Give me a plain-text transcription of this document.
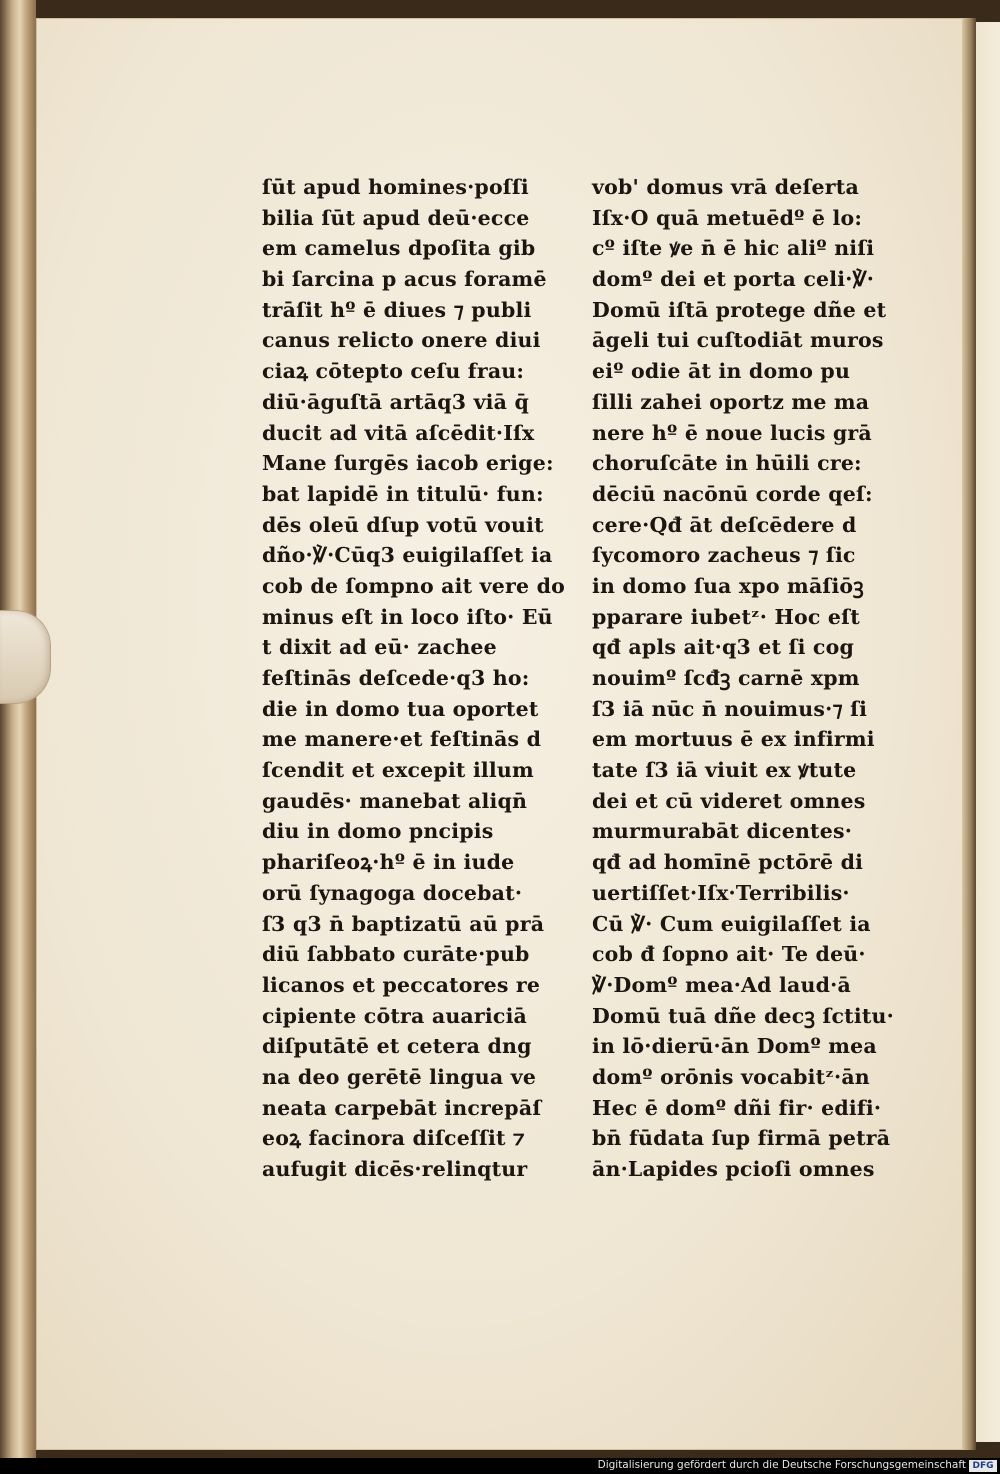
ſūt apud homines·poſſi
bilia ſūt apud deū·ecce
em camelus dpoſita gib
bi ſarcina p acus foramē
trāſit hº ē diues ⁊ publi
canus relicto onere diui
ciaꝝ cōtepto ceſu frau:
diū·āguſtā artāq3 viā q̄
ducit ad vitā aſcēdit·Iſx
Mane ſurgēs iacob erige:
bat lapidē in titulū· fun:
dēs oleū dſup votū vouit
dño·℣·Cūq3 euigilaſſet ia
cob de ſompno ait vere do
minus eſt in loco iſto· Eū
t dixit ad eū· zachee
feſtinās deſcede·q3 ho:
die in domo tua oportet
me manere·et feſtinās d
ſcendit et excepit illum
gaudēs· manebat aliqn̄
diu in domo pncipis
phariſeoꝝ·hº ē in iude
orū ſynagoga docebat·
ſ3 q3 n̄ baptizatū aū prā
diū ſabbato curāte·pub
licanos et peccatores re
cipiente cōtra auariciā
diſputātē et cetera dng
na deo gerētē lingua ve
neata carpebāt increpāſ
eoꝝ facinora diſceſſit ⁊
aufugit dicēs·relinqtur
vob' domus vrā deſerta
Iſx·O quā metuēdº ē lo:
cº iſte ꝟe n̄ ē hic aliº niſi
domº dei et porta celi·℣·
Domū iſtā protege dñe et
āgeli tui cuſtodiāt muros
eiº odie āt in domo pu
ſilli zahei oportz me ma
nere hº ē noue lucis grā
choruſcāte in hūili cre:
dēciū nacōnū corde qeſ:
cere·Qđ āt deſcēdere d
ſycomoro zacheus ⁊ ſic
in domo ſua xpo māſiōꝫ
pparare iubetᶻ· Hoc eſt
qđ apls ait·q3 et ſi cog
nouimº ſcđꝫ carnē xpm
ſ3 iā nūc n̄ nouimus·⁊ ſi
em mortuus ē ex infirmi
tate ſ3 iā viuit ex ꝟtute
dei et cū videret omnes
murmurabāt dicentes·
qđ ad homīnē pctōrē di
uertiſſet·Iſx·Terribilis·
Cū ℣· Cum euigilaſſet ia
cob đ ſopno ait· Te deū·
℣·Domº mea·Ad laud·ā
Domū tuā dñe decꝫ ſctitu·
in lō·dierū·ān Domº mea
domº orōnis vocabitᶻ·ān
Hec ē domº dñi fir· edifi·
bn̄ fūdata ſup firmā petrā
ān·Lapides pcioſi omnes
Digitalisierung gefördert durch die Deutsche Forschungsgemeinschaft DFG
